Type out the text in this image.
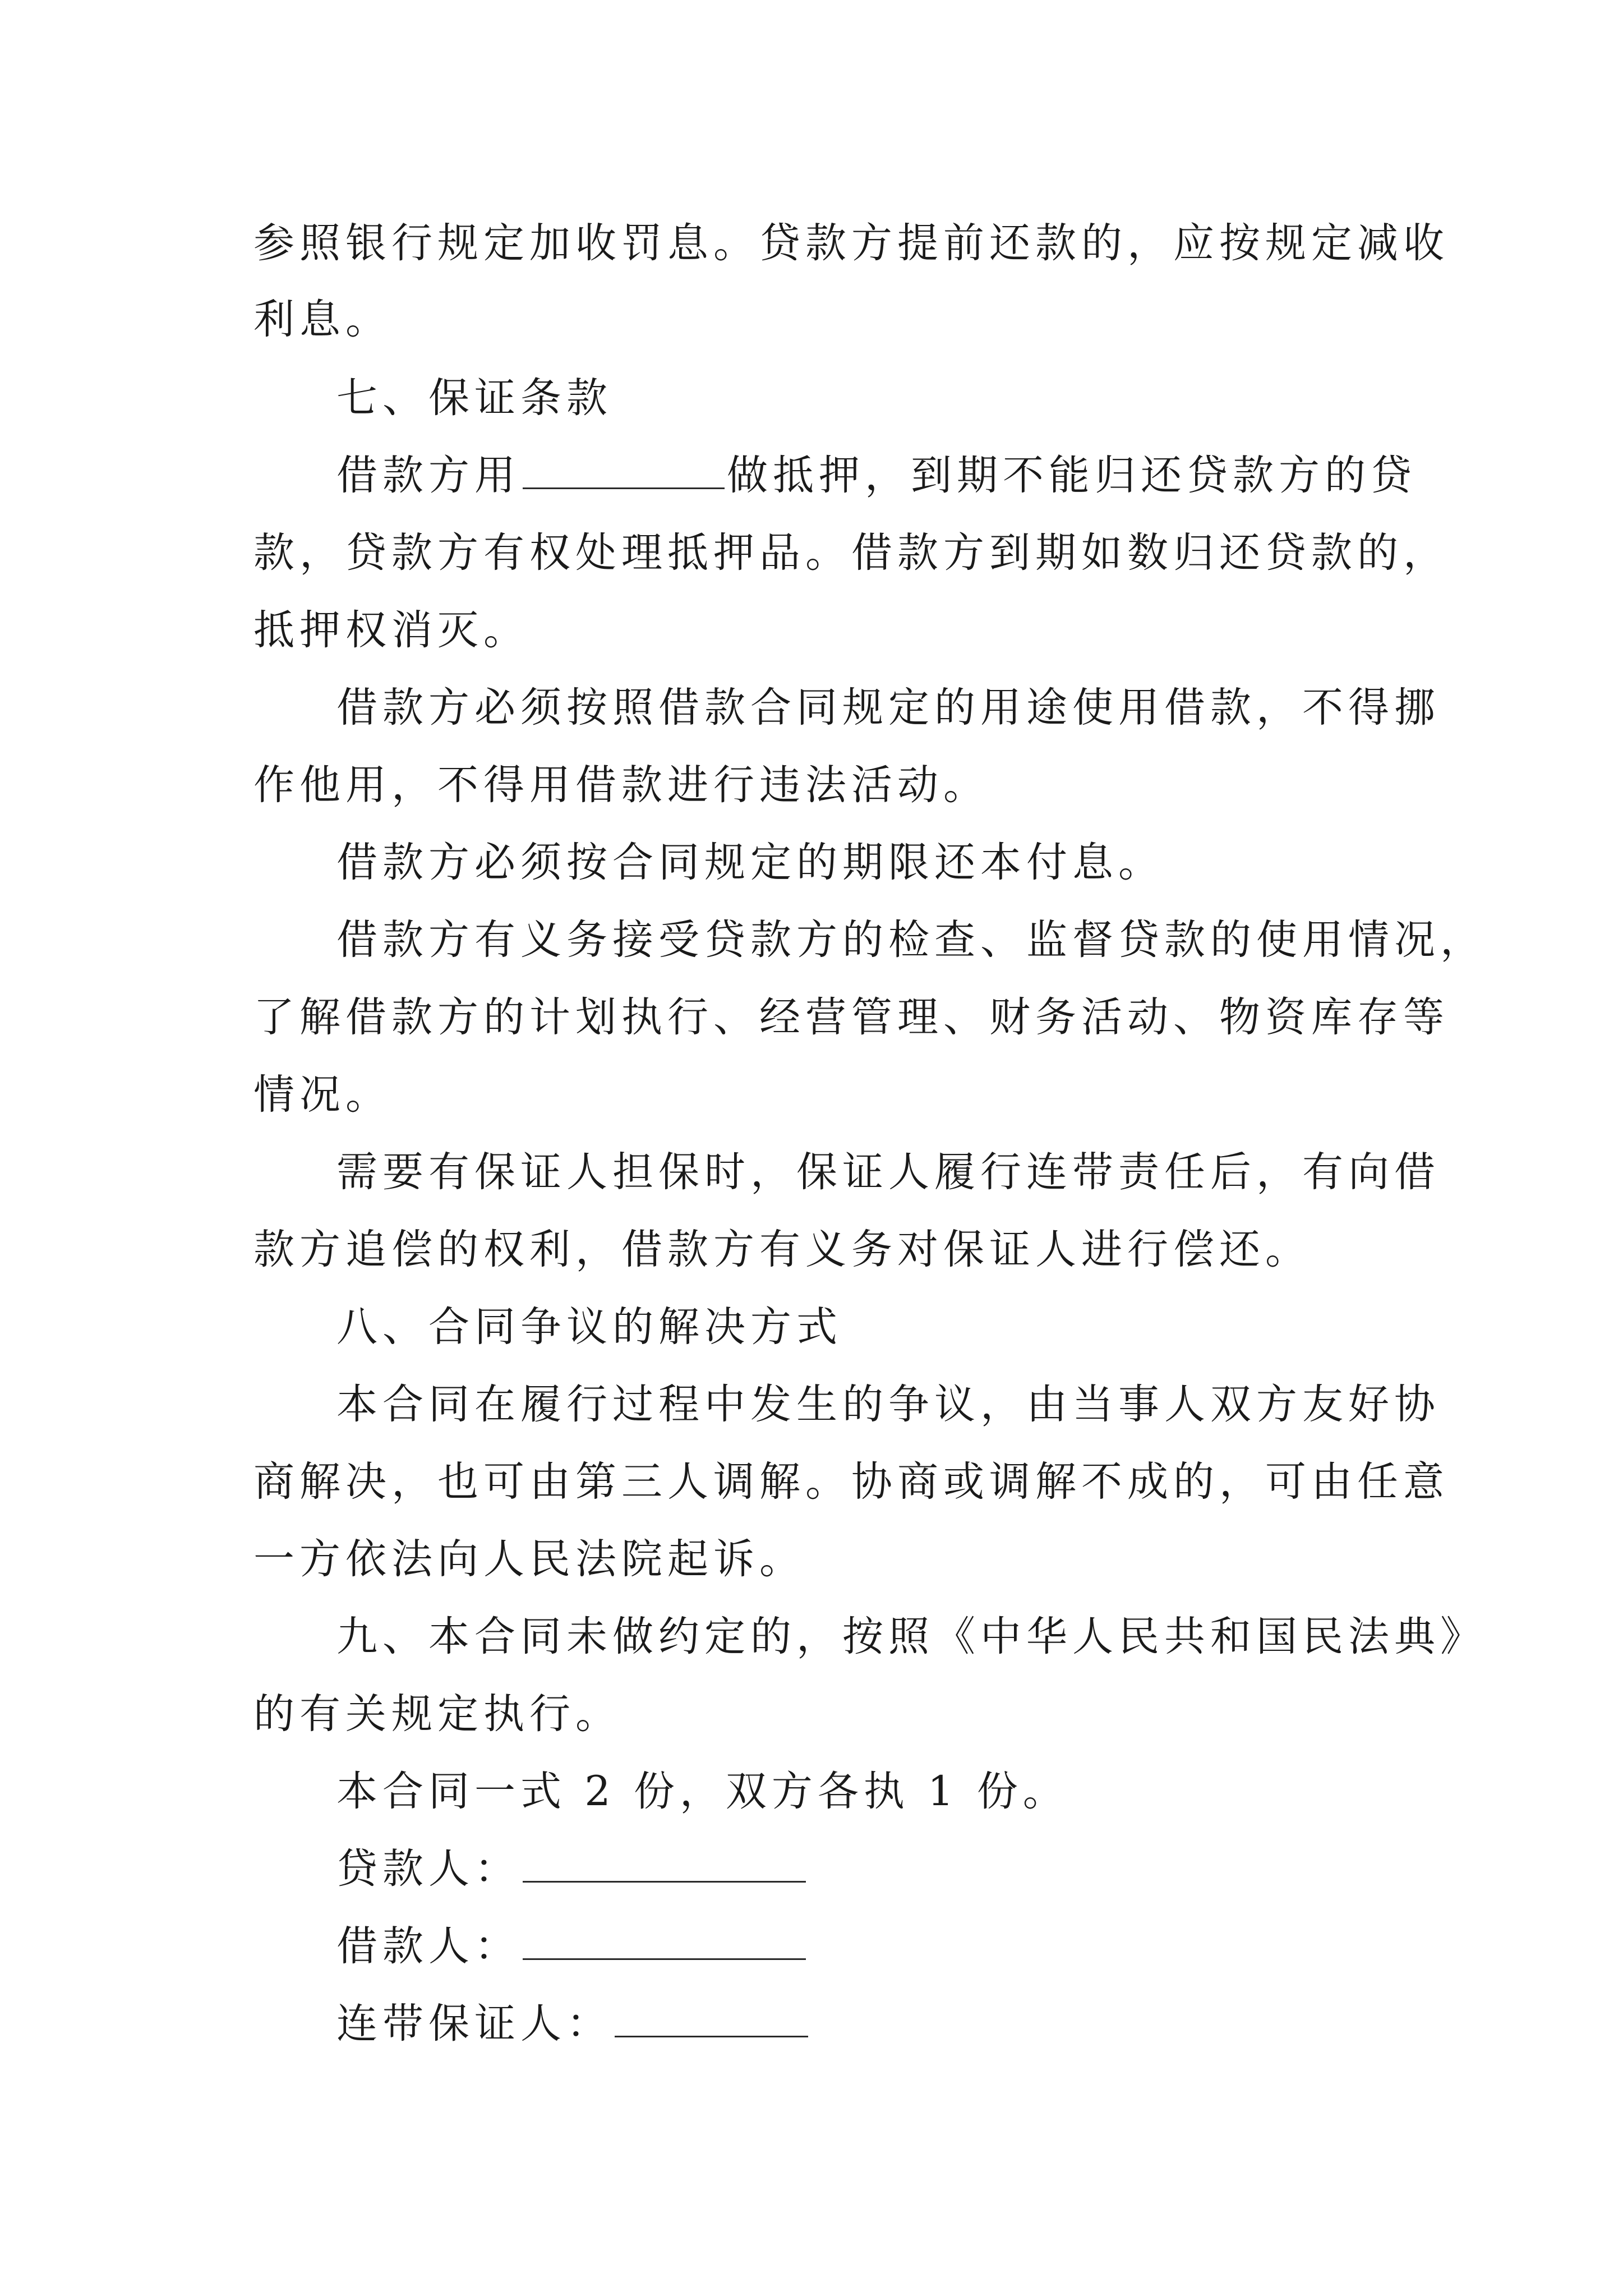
参照银行规定加收罚息。贷款方提前还款的，应按规定减收
利息。
七、保证条款
借款方用	做抵押，到期不能归还贷款方的贷
款，贷款方有权处理抵押品。借款方到期如数归还贷款的，
抵押权消灭。
借款方必须按照借款合同规定的用途使用借款，不得挪
作他用，不得用借款进行违法活动。
借款方必须按合同规定的期限还本付息。
借款方有义务接受贷款方的检查、监督贷款的使用情况，
了解借款方的计划执行、经营管理、财务活动、物资库存等
情况。
需要有保证人担保时，保证人履行连带责任后，有向借
款方追偿的权利，借款方有义务对保证人进行偿还。
八、合同争议的解决方式
本合同在履行过程中发生的争议，由当事人双方友好协
商解决，也可由第三人调解。协商或调解不成的，可由任意
一方依法向人民法院起诉。
九、本合同未做约定的，按照《中华人民共和国民法典》
的有关规定执行。
本合同一式 2 份，双方各执 1 份。
贷款人：
借款人：
连带保证人：
